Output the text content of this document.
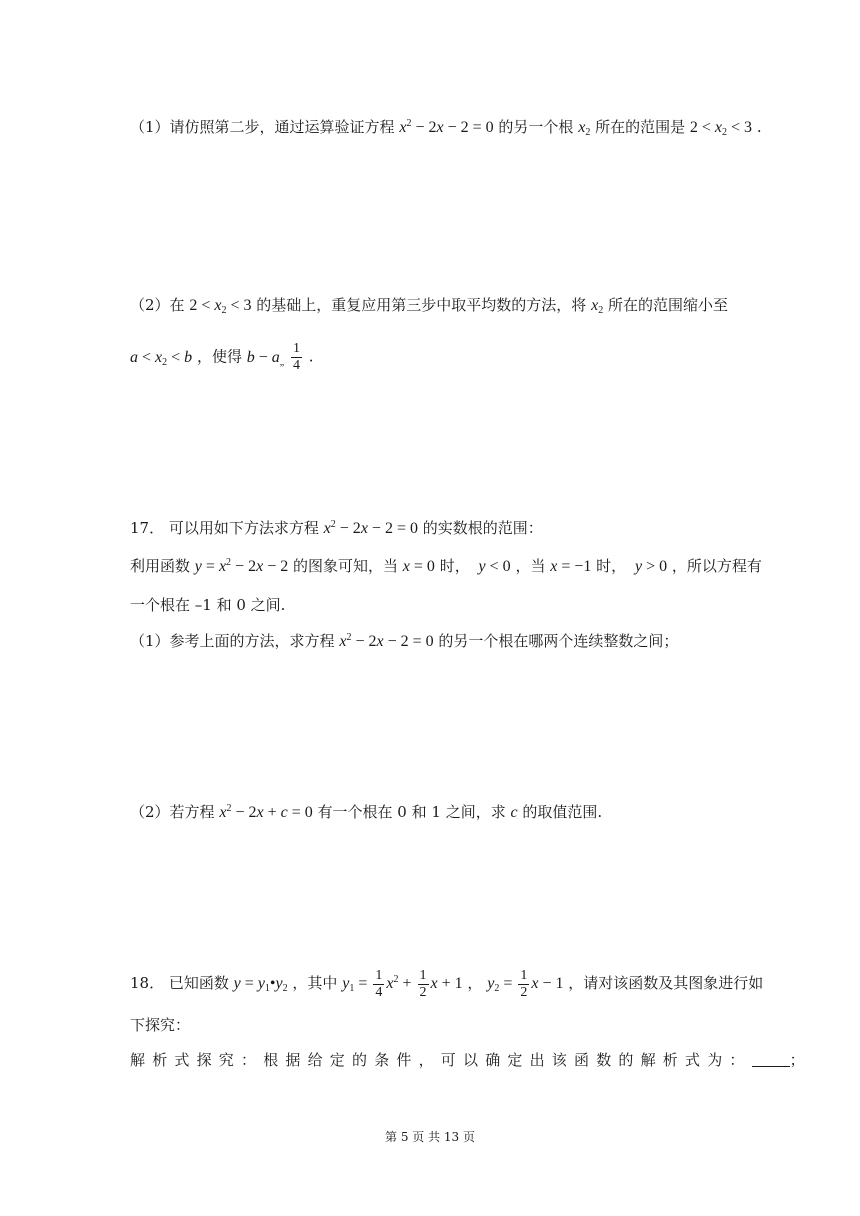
（1）请仿照第二步，通过运算验证方程 $x^2 - 2x - 2 = 0$ 的另一个根 $x_2$ 所在的范围是 $2 < x_2 < 3$ .
（2）在 $2 < x_2 < 3$ 的基础上，重复应用第三步中取平均数的方法，将 $x_2$ 所在的范围缩小至
$a < x_2 < b$ ，使得 $b - a_„ \frac{1}{4}$ .
17． 可以用如下方法求方程 $x^2 - 2x - 2 = 0$ 的实数根的范围：
利用函数 $y = x^2 - 2x - 2$ 的图象可知，当 x = 0 时， y < 0 ，当 x = −1 时， y > 0 ，所以方程有
一个根在 –1 和 0 之间.
（1）参考上面的方法，求方程 $x^2 - 2x - 2 = 0$ 的另一个根在哪两个连续整数之间；
（2）若方程 $x^2 - 2x + c = 0$ 有一个根在 0 和 1 之间，求 c 的取值范围.
18． 已知函数 $y = y_1•y_2$ ，其中 $y_1 = \frac{1}{4} x^2 + \frac{1}{2}$ x + 1 ， $y_2 = \frac{1}{2}$ x − 1 ，请对该函数及其图象进行如
下探究：
解析式探究：根据给定的条件，可以确定出该函数的解析式为：	；
第 5 页 共 13 页
